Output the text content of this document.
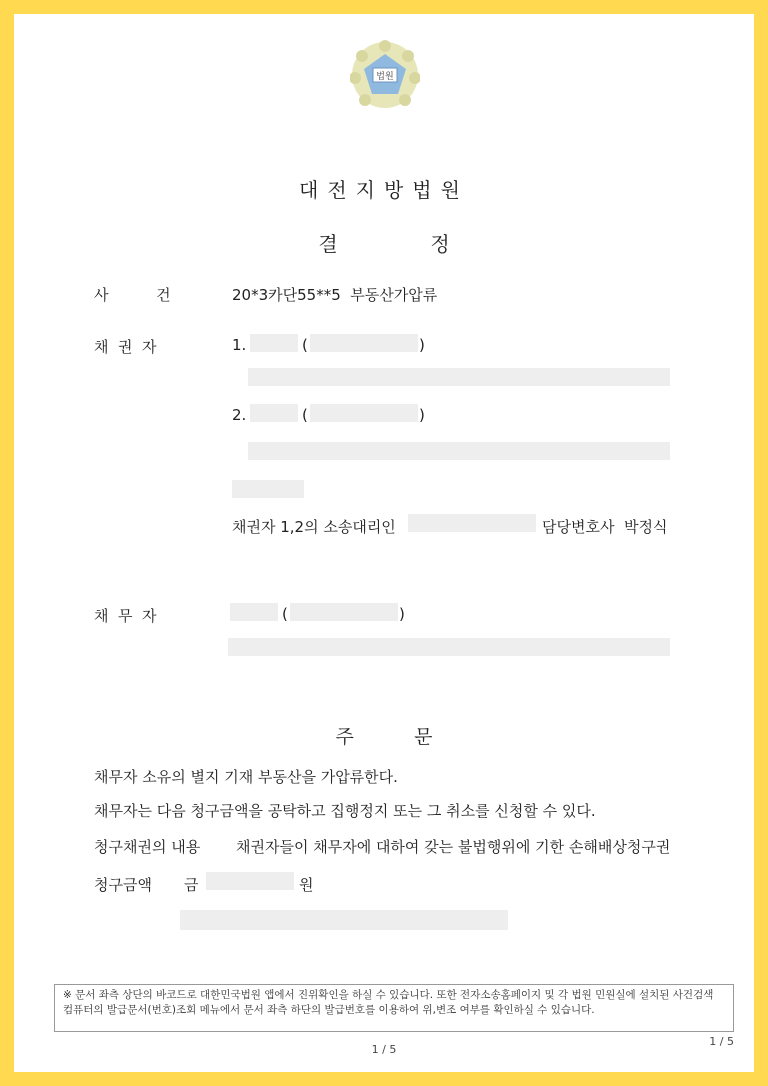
법원
대전지방법원
결	정
사          건	20*3카단55**5  부동산가압류
채  권  자	1.	(	)
2.	(	)
채권자 1,2의 소송대리인	담당변호사  박정식
채  무  자	(	)
주          문
채무자 소유의 별지 기재 부동산을 가압류한다.
채무자는 다음 청구금액을 공탁하고 집행정지 또는 그 취소를 신청할 수 있다.
청구채권의 내용 채권자들이 채무자에 대하여 갖는 불법행위에 기한 손해배상청구권
청구금액 금	원
※ 문서 좌측 상단의 바코드로 대한민국법원 앱에서 진위확인을 하실 수 있습니다. 또한 전자소송홈페이지 및 각 법원 민원실에 설치된 사건검색 컴퓨터의 발급문서(번호)조회 메뉴에서 문서 좌측 하단의 발급번호를 이용하여 위,변조 여부를 확인하실 수 있습니다.
1 / 5
1 / 5
